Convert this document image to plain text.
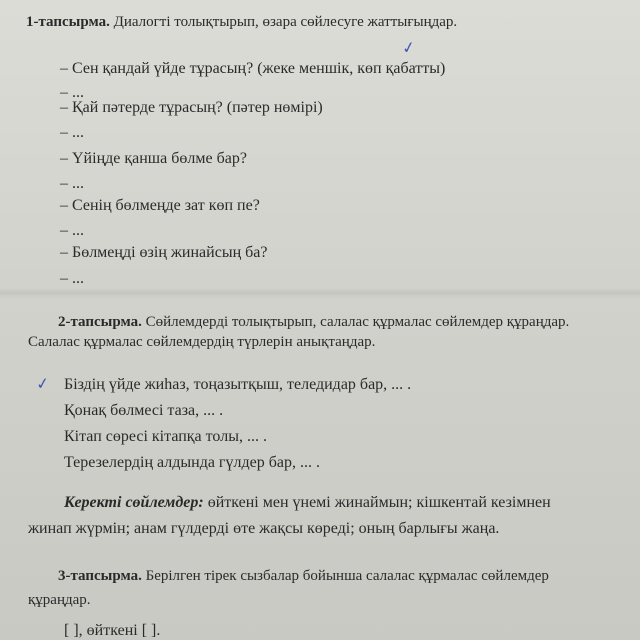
1-тапсырма. Диалогті толықтырып, өзара сөйлесуге жаттығыңдар.
– Сен қандай үйде тұрасың? (жеке меншік, көп қабатты)
– ...
– Қай пәтерде тұрасың? (пәтер нөмірі)
– ...
– Үйіңде қанша бөлме бар?
– ...
– Сенің бөлмеңде зат көп пе?
– ...
– Бөлмеңді өзің жинайсың ба?
– ...
✓
2-тапсырма. Сөйлемдерді толықтырып, салалас құрмалас сөйлемдер құраңдар.
Салалас құрмалас сөйлемдердің түрлерін анықтаңдар.
✓ Біздің үйде жиһаз, тоңазытқыш, теледидар бар, ... .
Қонақ бөлмесі таза, ... .
Кітап сөресі кітапқа толы, ... .
Терезелердің алдында гүлдер бар, ... .
Керекті сөйлемдер: өйткені мен үнемі жинаймын; кішкентай кезімнен
жинап жүрмін; анам гүлдерді өте жақсы көреді; оның барлығы жаңа.
3-тапсырма. Берілген тірек сызбалар бойынша салалас құрмалас сөйлемдер
құраңдар.
[ ], өйткені [ ].
